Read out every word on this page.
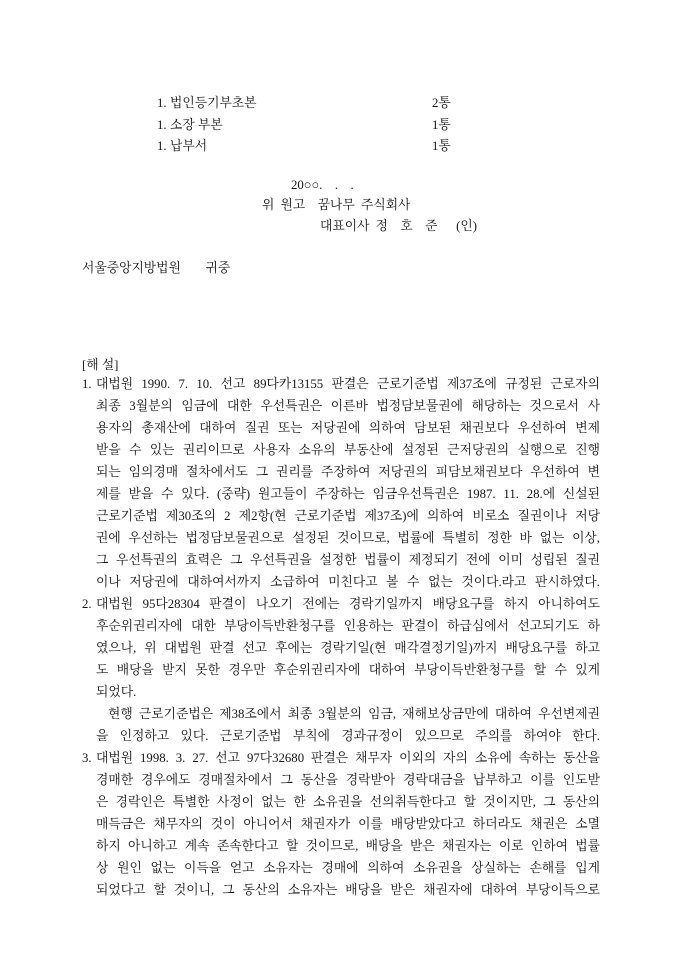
1. 법인등기부초본	2통
1. 소장 부본	1통
1. 납부서	1통
20○○.  .  .
위 원고  꿈나무 주식회사
대표이사 정  호  준   (인)
서울중앙지방법원   귀중
[해 설]
1. 대법원 1990. 7. 10. 선고 89다카13155 판결은 근로기준법 제37조에 규정된 근로자의
최종 3월분의 임금에 대한 우선특권은 이른바 법정담보물권에 해당하는 것으로서 사
용자의 총재산에 대하여 질권 또는 저당권에 의하여 담보된 채권보다 우선하여 변제
받을 수 있는 권리이므로 사용자 소유의 부동산에 설정된 근저당권의 실행으로 진행
되는 임의경매 절차에서도 그 권리를 주장하여 저당권의 피담보채권보다 우선하여 변
제를 받을 수 있다. (중략) 원고들이 주장하는 임금우선특권은 1987. 11. 28.에 신설된
근로기준법 제30조의 2 제2항(현 근로기준법 제37조)에 의하여 비로소 질권이나 저당
권에 우선하는 법정담보물권으로 설정된 것이므로, 법률에 특별히 정한 바 없는 이상,
그 우선특권의 효력은 그 우선특권을 설정한 법률이 제정되기 전에 이미 성립된 질권
이나 저당권에 대하여서까지 소급하여 미친다고 볼 수 없는 것이다.라고 판시하였다.
2. 대법원 95다28304 판결이 나오기 전에는 경락기일까지 배당요구를 하지 아니하여도
후순위권리자에 대한 부당이득반환청구를 인용하는 판결이 하급심에서 선고되기도 하
였으나, 위 대법원 판결 선고 후에는 경락기일(현 매각결정기일)까지 배당요구를 하고
도 배당을 받지 못한 경우만 후순위권리자에 대하여 부당이득반환청구를 할 수 있게
되었다.
현행 근로기준법은 제38조에서 최종 3월분의 임금, 재해보상금만에 대하여 우선변제권
을 인정하고 있다. 근로기준법 부칙에 경과규정이 있으므로 주의를 하여야 한다.
3. 대법원 1998. 3. 27. 선고 97다32680 판결은 채무자 이외의 자의 소유에 속하는 동산을
경매한 경우에도 경매절차에서 그 동산을 경락받아 경락대금을 납부하고 이를 인도받
은 경락인은 특별한 사정이 없는 한 소유권을 선의취득한다고 할 것이지만, 그 동산의
매득금은 채무자의 것이 아니어서 채권자가 이를 배당받았다고 하더라도 채권은 소멸
하지 아니하고 계속 존속한다고 할 것이므로, 배당을 받은 채권자는 이로 인하여 법률
상 원인 없는 이득을 얻고 소유자는 경매에 의하여 소유권을 상실하는 손해를 입게
되었다고 할 것이니, 그 동산의 소유자는 배당을 받은 채권자에 대하여 부당이득으로
